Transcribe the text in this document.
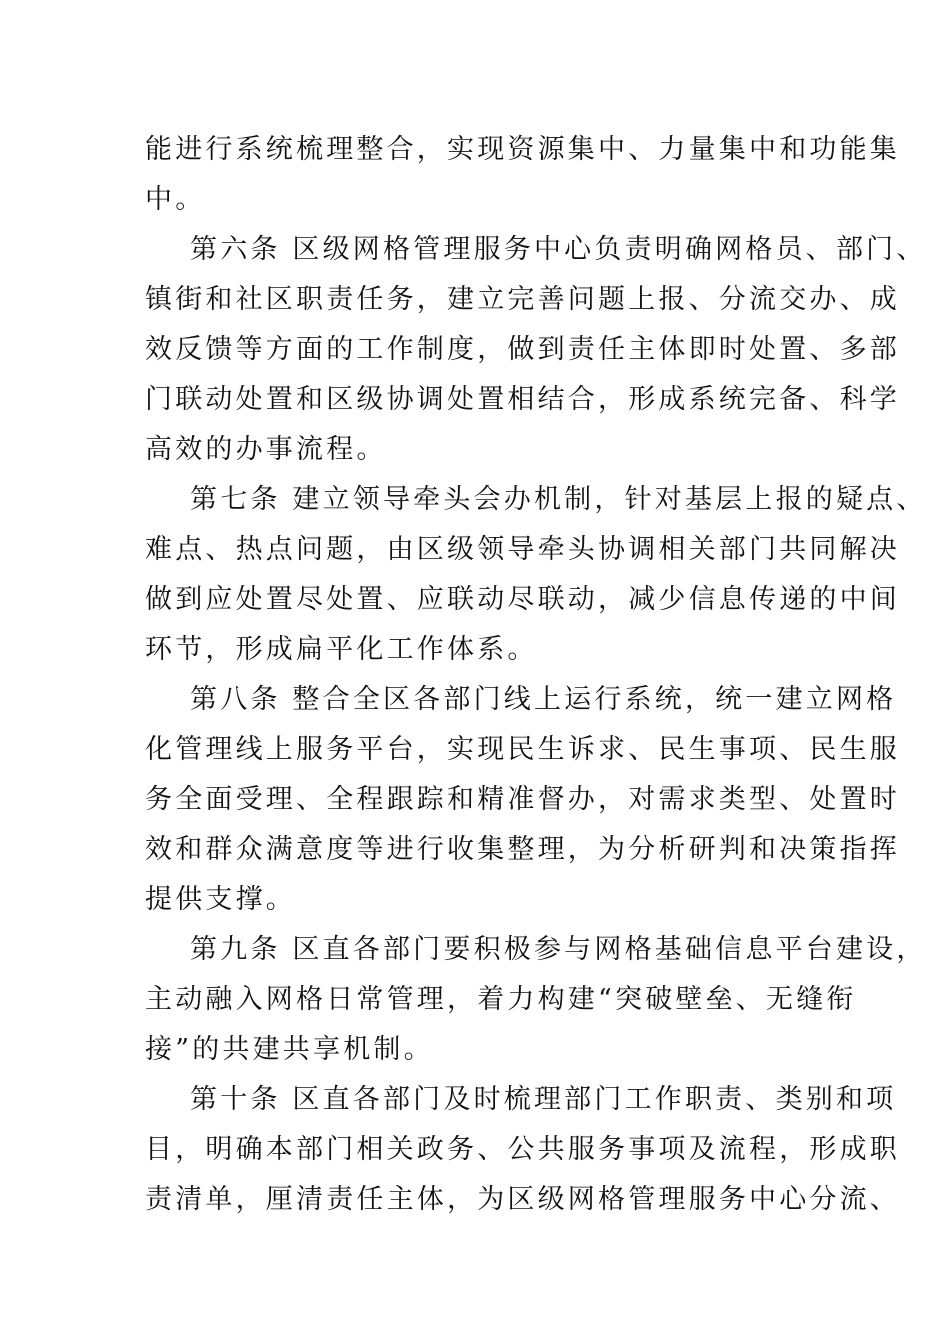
能进行系统梳理整合，实现资源集中、力量集中和功能集
中。
第六条 区级网格管理服务中心负责明确网格员、部门、
镇街和社区职责任务，建立完善问题上报、分流交办、成
效反馈等方面的工作制度，做到责任主体即时处置、多部
门联动处置和区级协调处置相结合，形成系统完备、科学
高效的办事流程。
第七条 建立领导牵头会办机制，针对基层上报的疑点、
难点、热点问题，由区级领导牵头协调相关部门共同解决
做到应处置尽处置、应联动尽联动，减少信息传递的中间
环节，形成扁平化工作体系。
第八条 整合全区各部门线上运行系统，统一建立网格
化管理线上服务平台，实现民生诉求、民生事项、民生服
务全面受理、全程跟踪和精准督办，对需求类型、处置时
效和群众满意度等进行收集整理，为分析研判和决策指挥
提供支撑。
第九条 区直各部门要积极参与网格基础信息平台建设，
主动融入网格日常管理，着力构建“突破壁垒、无缝衔
接”的共建共享机制。
第十条 区直各部门及时梳理部门工作职责、类别和项
目，明确本部门相关政务、公共服务事项及流程，形成职
责清单，厘清责任主体，为区级网格管理服务中心分流、
